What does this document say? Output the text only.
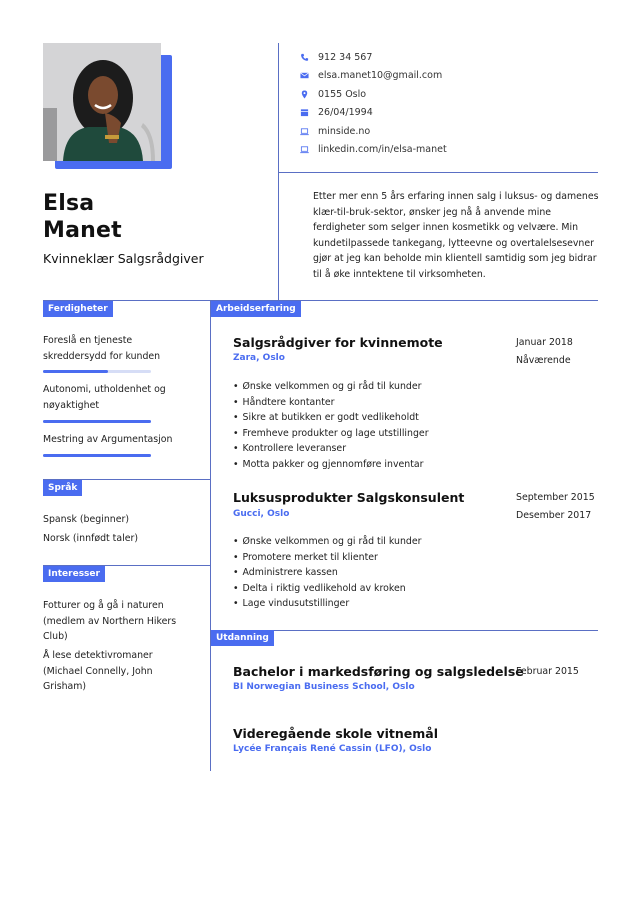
Elsa
Manet
Kvinneklær Salgsrådgiver
912 34 567
elsa.manet10@gmail.com
0155 Oslo
26/04/1994
minside.no
linkedin.com/in/elsa-manet

Etter mer enn 5 års erfaring innen salg i luksus- og damenes klær-til-bruk-sektor, ønsker jeg nå å anvende mine ferdigheter som selger innen kosmetikk og velvære. Min kundetilpassede tankegang, lytteevne og overtalelsesevner gjør at jeg kan beholde min klientell samtidig som jeg bidrar til å øke inntektene til virksomheten.

Ferdigheter
Foreslå en tjeneste skreddersydd for kunden
Autonomi, utholdenhet og nøyaktighet
Mestring av Argumentasjon
Språk
Spansk (beginner)
Norsk (innfødt taler)
Interesser
Fotturer og å gå i naturen (medlem av Northern Hikers Club)
Å lese detektivromaner (Michael Connelly, John Grisham)
Arbeidserfaring
Salgsrådgiver for kvinnemote
Zara, Oslo
Januar 2018
Nåværende
• Ønske velkommen og gi råd til kunder
• Håndtere kontanter
• Sikre at butikken er godt vedlikeholdt
• Fremheve produkter og lage utstillinger
• Kontrollere leveranser
• Motta pakker og gjennomføre inventar
Luksusprodukter Salgskonsulent
Gucci, Oslo
September 2015
Desember 2017
• Ønske velkommen og gi råd til kunder
• Promotere merket til klienter
• Administrere kassen
• Delta i riktig vedlikehold av kroken
• Lage vindusutstillinger
Utdanning
Bachelor i markedsføring og salgsledelse
BI Norwegian Business School, Oslo
Februar 2015
Videregående skole vitnemål
Lycée Français René Cassin (LFO), Oslo
